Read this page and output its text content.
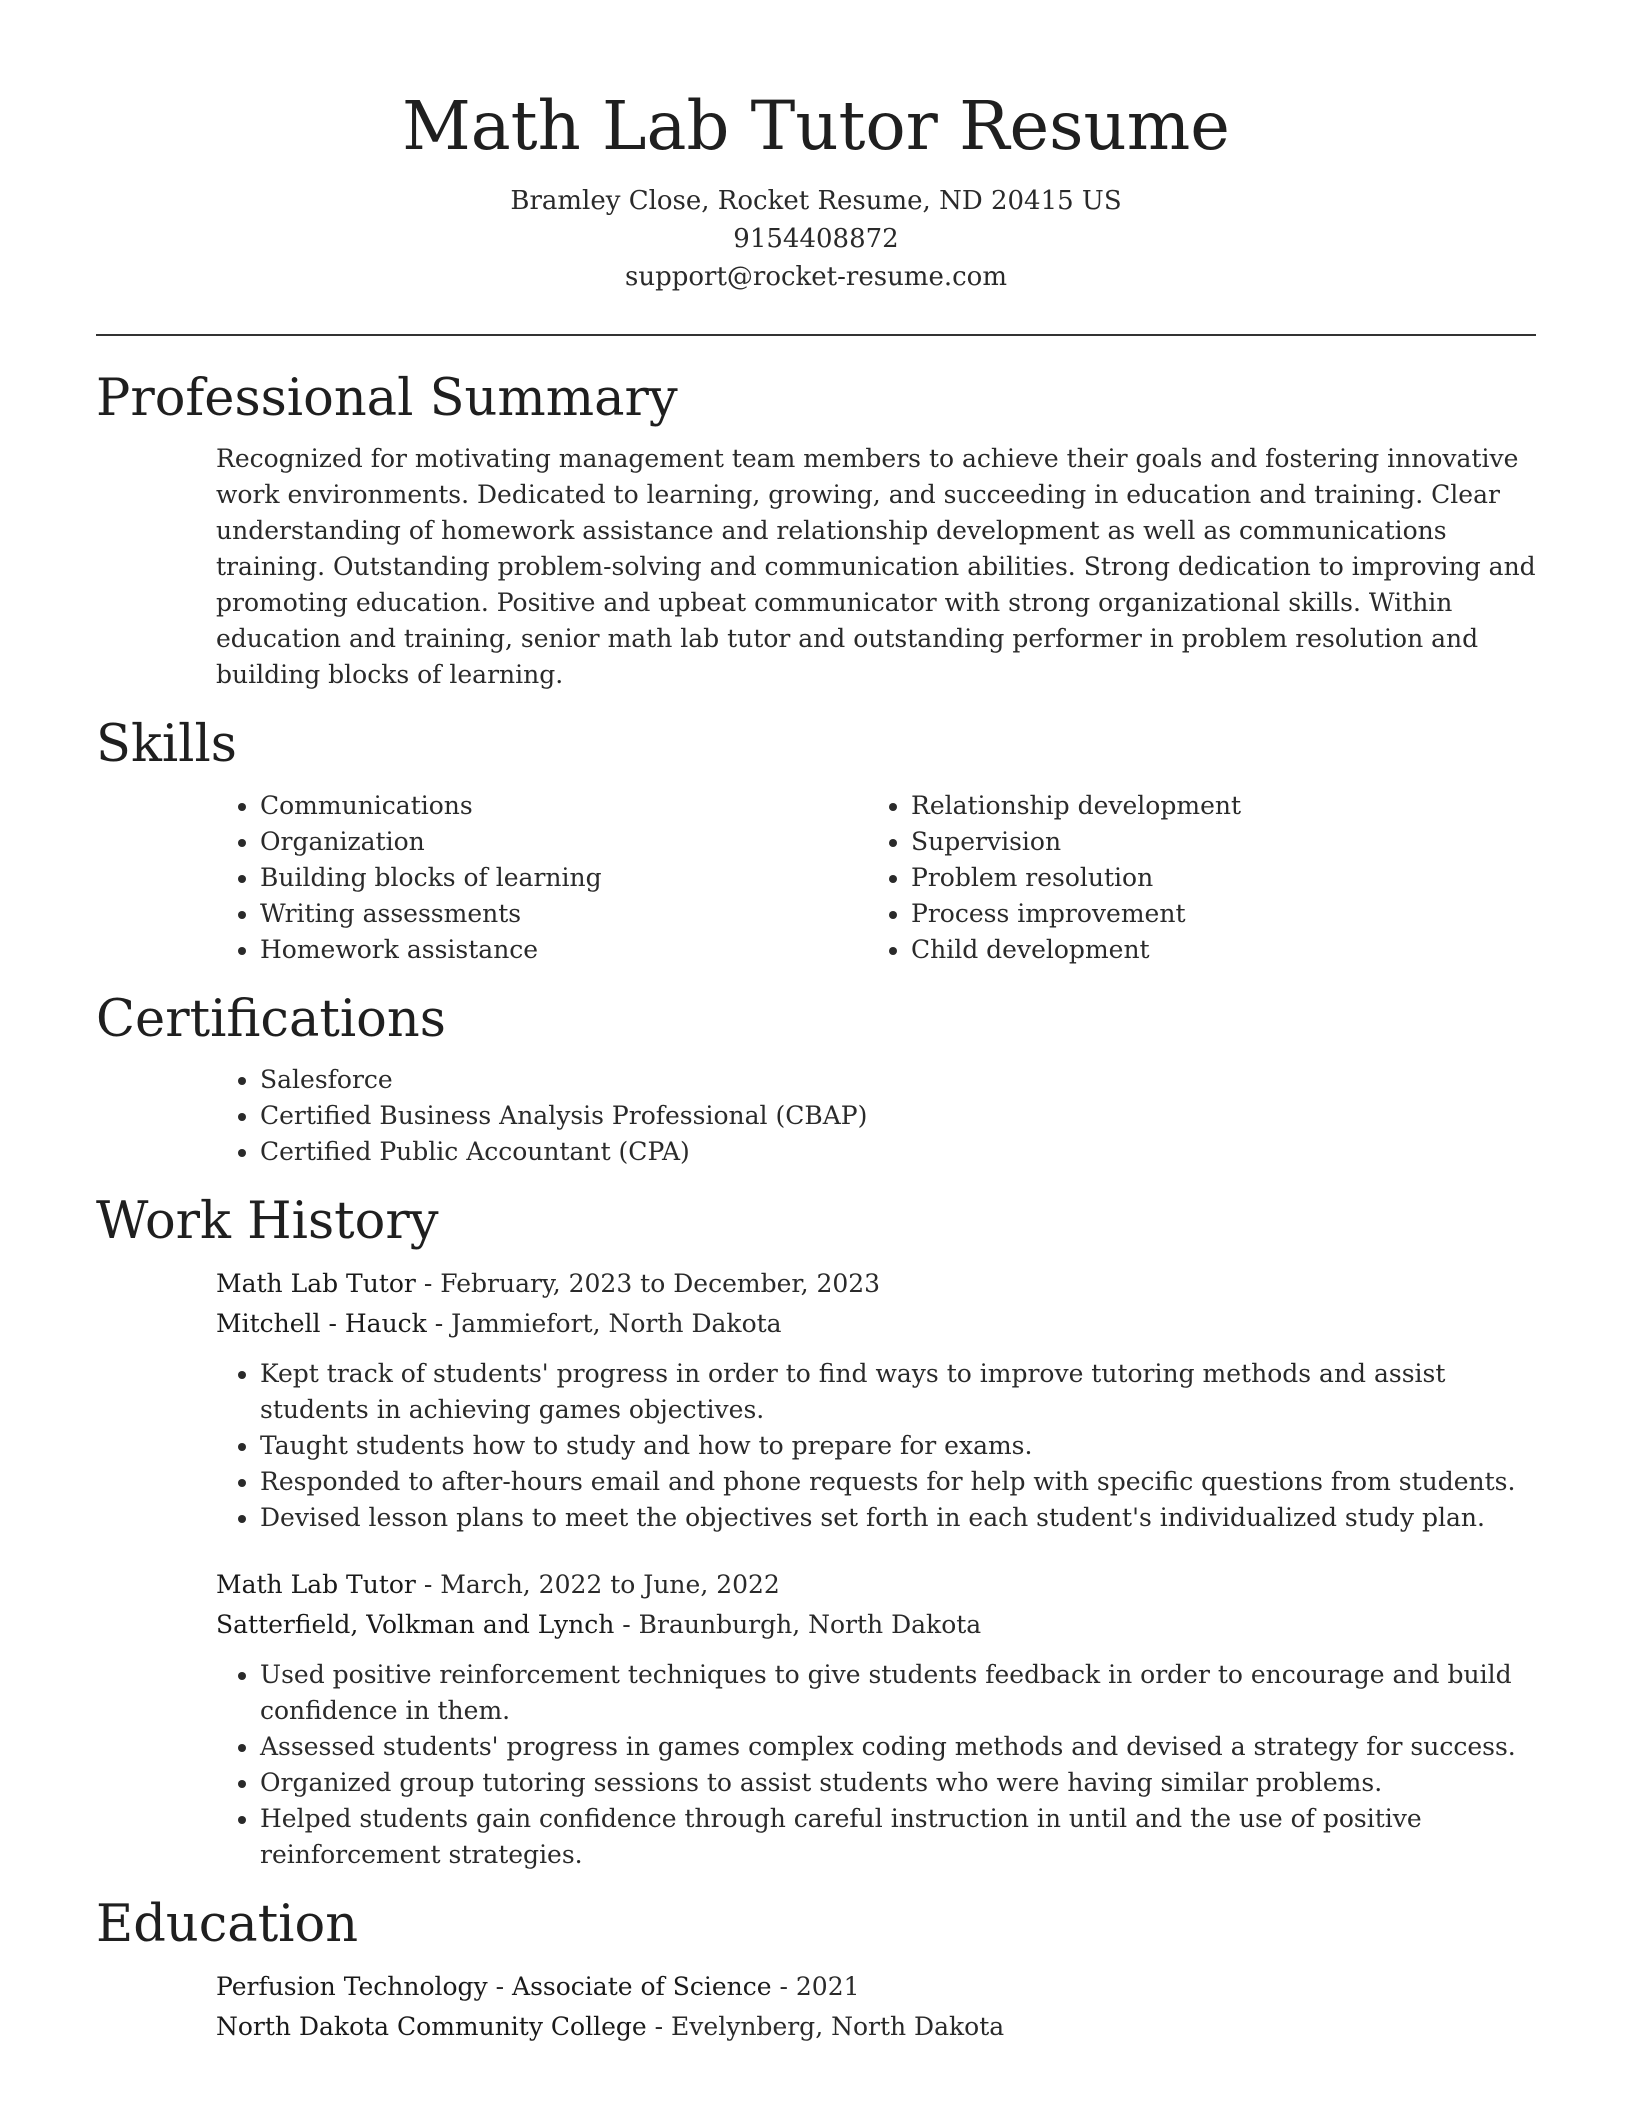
Math Lab Tutor Resume
Bramley Close, Rocket Resume, ND 20415 US
9154408872
support@rocket-resume.com
Professional Summary

Recognized for motivating management team members to achieve their goals and fostering innovative work environments. Dedicated to learning, growing, and succeeding in education and training. Clear understanding of homework assistance and relationship development as well as communications training. Outstanding problem-solving and communication abilities. Strong dedication to improving and promoting education. Positive and upbeat communicator with strong organizational skills. Within education and training, senior math lab tutor and outstanding performer in problem resolution and building blocks of learning.

Skills
• Communications
• Organization
• Building blocks of learning
• Writing assessments
• Homework assistance
• Relationship development
• Supervision
• Problem resolution
• Process improvement
• Child development
Certifications
• Salesforce
• Certified Business Analysis Professional (CBAP)
• Certified Public Accountant (CPA)
Work History
Math Lab Tutor - February, 2023 to December, 2023
Mitchell - Hauck - Jammiefort, North Dakota
• Kept track of students' progress in order to find ways to improve tutoring methods and assist students in achieving games objectives.
• Taught students how to study and how to prepare for exams.
• Responded to after-hours email and phone requests for help with specific questions from students.
• Devised lesson plans to meet the objectives set forth in each student's individualized study plan.
Math Lab Tutor - March, 2022 to June, 2022
Satterfield, Volkman and Lynch - Braunburgh, North Dakota
• Used positive reinforcement techniques to give students feedback in order to encourage and build confidence in them.
• Assessed students' progress in games complex coding methods and devised a strategy for success.
• Organized group tutoring sessions to assist students who were having similar problems.
• Helped students gain confidence through careful instruction in until and the use of positive reinforcement strategies.
Education
Perfusion Technology - Associate of Science - 2021
North Dakota Community College - Evelynberg, North Dakota
